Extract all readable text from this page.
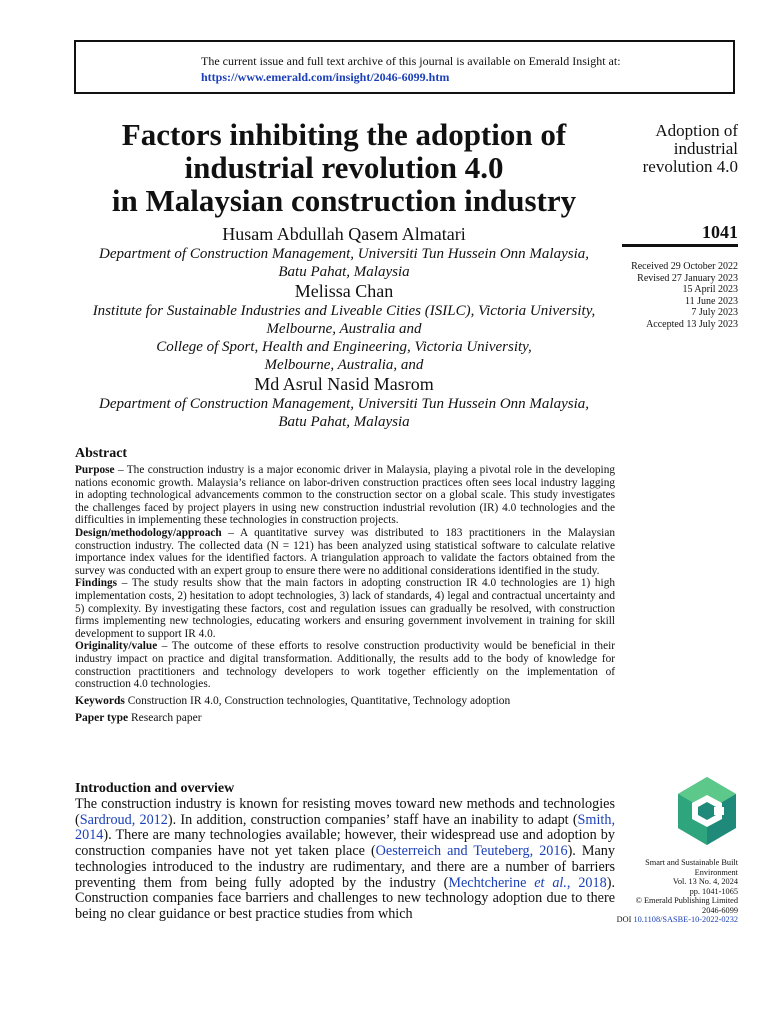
The current issue and full text archive of this journal is available on Emerald Insight at:
https://www.emerald.com/insight/2046-6099.htm
Factors inhibiting the adoption of
industrial revolution 4.0
in Malaysian construction industry
Adoption of
industrial
revolution 4.0
1041
Received 29 October 2022
Revised 27 January 2023
15 April 2023
11 June 2023
7 July 2023
Accepted 13 July 2023
Husam Abdullah Qasem Almatari
Department of Construction Management, Universiti Tun Hussein Onn Malaysia,
Batu Pahat, Malaysia
Melissa Chan
Institute for Sustainable Industries and Liveable Cities (ISILC), Victoria University,
Melbourne, Australia and
College of Sport, Health and Engineering, Victoria University,
Melbourne, Australia, and
Md Asrul Nasid Masrom
Department of Construction Management, Universiti Tun Hussein Onn Malaysia,
Batu Pahat, Malaysia
Abstract

Purpose – The construction industry is a major economic driver in Malaysia, playing a pivotal role in the developing nations economic growth. Malaysia’s reliance on labor-driven construction practices often sees local industry lagging in adopting technological advancements common to the construction sector on a global scale. This study investigates the challenges faced by project players in using new construction industrial revolution (IR) 4.0 technologies and the difficulties in implementing these technologies in construction projects.

Design/methodology/approach – A quantitative survey was distributed to 183 practitioners in the Malaysian construction industry. The collected data (N = 121) has been analyzed using statistical software to calculate relative importance index values for the identified factors. A triangulation approach to validate the factors obtained from the survey was conducted with an expert group to ensure there were no additional considerations identified in the study.

Findings – The study results show that the main factors in adopting construction IR 4.0 technologies are 1) high implementation costs, 2) hesitation to adopt technologies, 3) lack of standards, 4) legal and contractual uncertainty and 5) complexity. By investigating these factors, cost and regulation issues can gradually be resolved, with construction firms implementing new technologies, educating workers and ensuring government involvement in training for skill development to support IR 4.0.

Originality/value – The outcome of these efforts to resolve construction productivity would be beneficial in their industry impact on practice and digital transformation. Additionally, the results add to the body of knowledge for construction practitioners and technology developers to work together efficiently on the implementation of construction 4.0 technologies.

Keywords Construction IR 4.0, Construction technologies, Quantitative, Technology adoption
Paper type Research paper
Introduction and overview

The construction industry is known for resisting moves toward new methods and technologies (Sardroud, 2012). In addition, construction companies’ staff have an inability to adapt (Smith, 2014). There are many technologies available; however, their widespread use and adoption by construction companies have not yet taken place (Oesterreich and Teuteberg, 2016). Many technologies introduced to the industry are rudimentary, and there are a number of barriers preventing them from being fully adopted by the industry (Mechtcherine et al., 2018). Construction companies face barriers and challenges to new technology adoption due to there being no clear guidance or best practice studies from which

Smart and Sustainable Built
Environment
Vol. 13 No. 4, 2024
pp. 1041-1065
© Emerald Publishing Limited
2046-6099
DOI 10.1108/SASBE-10-2022-0232
